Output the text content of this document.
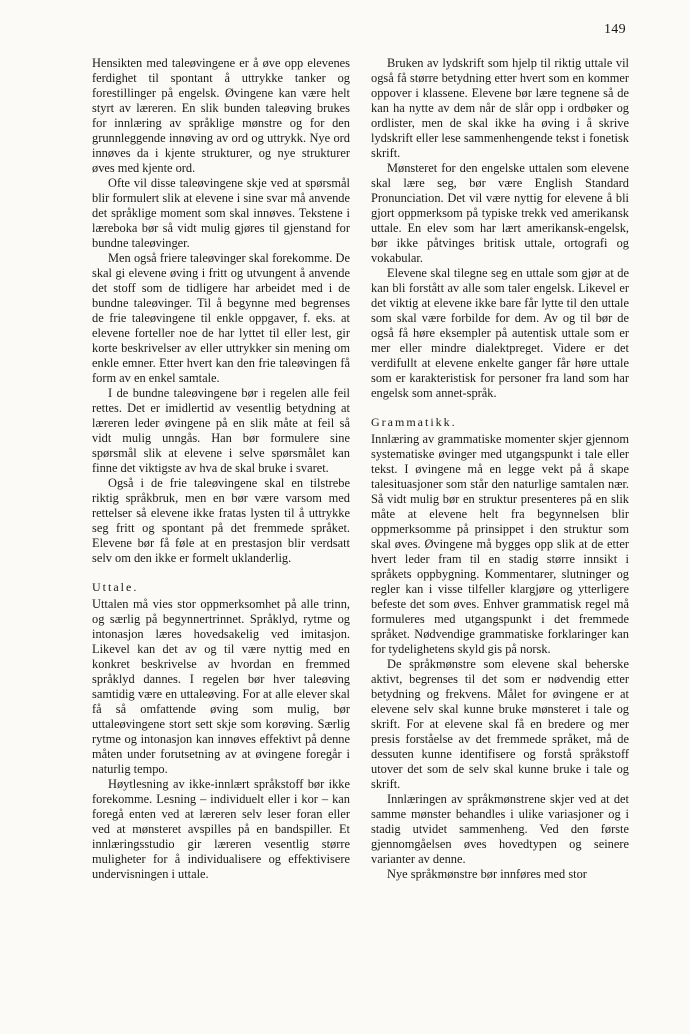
149

Hensikten med taleøvingene er å øve opp elevenes ferdighet til spontant å uttrykke tanker og forestillinger på engelsk. Øvingene kan være helt styrt av læreren. En slik bunden taleøving brukes for innlæring av språklige mønstre og for den grunnleggende innøving av ord og uttrykk. Nye ord innøves da i kjente strukturer, og nye strukturer øves med kjente ord.

Ofte vil disse taleøvingene skje ved at spørsmål blir formulert slik at elevene i sine svar må anvende det språklige moment som skal innøves. Tekstene i læreboka bør så vidt mulig gjøres til gjenstand for bundne taleøvinger.

Men også friere taleøvinger skal forekomme. De skal gi elevene øving i fritt og utvungent å anvende det stoff som de tidligere har arbeidet med i de bundne taleøvinger. Til å begynne med begrenses de frie taleøvingene til enkle oppgaver, f. eks. at elevene forteller noe de har lyttet til eller lest, gir korte beskrivelser av eller uttrykker sin mening om enkle emner. Etter hvert kan den frie taleøvingen få form av en enkel samtale.

I de bundne taleøvingene bør i regelen alle feil rettes. Det er imidlertid av vesentlig betydning at læreren leder øvingene på en slik måte at feil så vidt mulig unngås. Han bør formulere sine spørsmål slik at elevene i selve spørsmålet kan finne det viktigste av hva de skal bruke i svaret.

Også i de frie taleøvingene skal en tilstrebe riktig språkbruk, men en bør være varsom med rettelser så elevene ikke fratas lysten til å uttrykke seg fritt og spontant på det fremmede språket. Elevene bør få føle at en prestasjon blir verdsatt selv om den ikke er formelt uklanderlig.

Uttale.

Uttalen må vies stor oppmerksomhet på alle trinn, og særlig på begynnertrinnet. Språklyd, rytme og intonasjon læres hovedsakelig ved imitasjon. Likevel kan det av og til være nyttig med en konkret beskrivelse av hvordan en fremmed språklyd dannes. I regelen bør hver taleøving samtidig være en uttaleøving. For at alle elever skal få så omfattende øving som mulig, bør uttaleøvingene stort sett skje som korøving. Særlig rytme og intonasjon kan innøves effektivt på denne måten under forutsetning av at øvingene foregår i naturlig tempo.

Høytlesning av ikke-innlært språkstoff bør ikke forekomme. Lesning – individuelt eller i kor – kan foregå enten ved at læreren selv leser foran eller ved at mønsteret avspilles på en bandspiller. Et innlæringsstudio gir læreren vesentlig større muligheter for å individualisere og effektivisere undervisningen i uttale.

Bruken av lydskrift som hjelp til riktig uttale vil også få større betydning etter hvert som en kommer oppover i klassene. Elevene bør lære tegnene så de kan ha nytte av dem når de slår opp i ordbøker og ordlister, men de skal ikke ha øving i å skrive lydskrift eller lese sammenhengende tekst i fonetisk skrift.

Mønsteret for den engelske uttalen som elevene skal lære seg, bør være English Standard Pronunciation. Det vil være nyttig for elevene å bli gjort oppmerksom på typiske trekk ved amerikansk uttale. En elev som har lært amerikansk-engelsk, bør ikke påtvinges britisk uttale, ortografi og vokabular.

Elevene skal tilegne seg en uttale som gjør at de kan bli forstått av alle som taler engelsk. Likevel er det viktig at elevene ikke bare får lytte til den uttale som skal være forbilde for dem. Av og til bør de også få høre eksempler på autentisk uttale som er mer eller mindre dialektpreget. Videre er det verdifullt at elevene enkelte ganger får høre uttale som er karakteristisk for personer fra land som har engelsk som annet-språk.

Grammatikk.

Innlæring av grammatiske momenter skjer gjennom systematiske øvinger med utgangspunkt i tale eller tekst. I øvingene må en legge vekt på å skape talesituasjoner som står den naturlige samtalen nær. Så vidt mulig bør en struktur presenteres på en slik måte at elevene helt fra begynnelsen blir oppmerksomme på prinsippet i den struktur som skal øves. Øvingene må bygges opp slik at de etter hvert leder fram til en stadig større innsikt i språkets oppbygning. Kommentarer, slutninger og regler kan i visse tilfeller klargjøre og ytterligere befeste det som øves. Enhver grammatisk regel må formuleres med utgangspunkt i det fremmede språket. Nødvendige grammatiske forklaringer kan for tydelighetens skyld gis på norsk.

De språkmønstre som elevene skal beherske aktivt, begrenses til det som er nødvendig etter betydning og frekvens. Målet for øvingene er at elevene selv skal kunne bruke mønsteret i tale og skrift. For at elevene skal få en bredere og mer presis forståelse av det fremmede språket, må de dessuten kunne identifisere og forstå språkstoff utover det som de selv skal kunne bruke i tale og skrift.

Innlæringen av språkmønstrene skjer ved at det samme mønster behandles i ulike variasjoner og i stadig utvidet sammenheng. Ved den første gjennomgåelsen øves hovedtypen og seinere varianter av denne.

Nye språkmønstre bør innføres med stor
